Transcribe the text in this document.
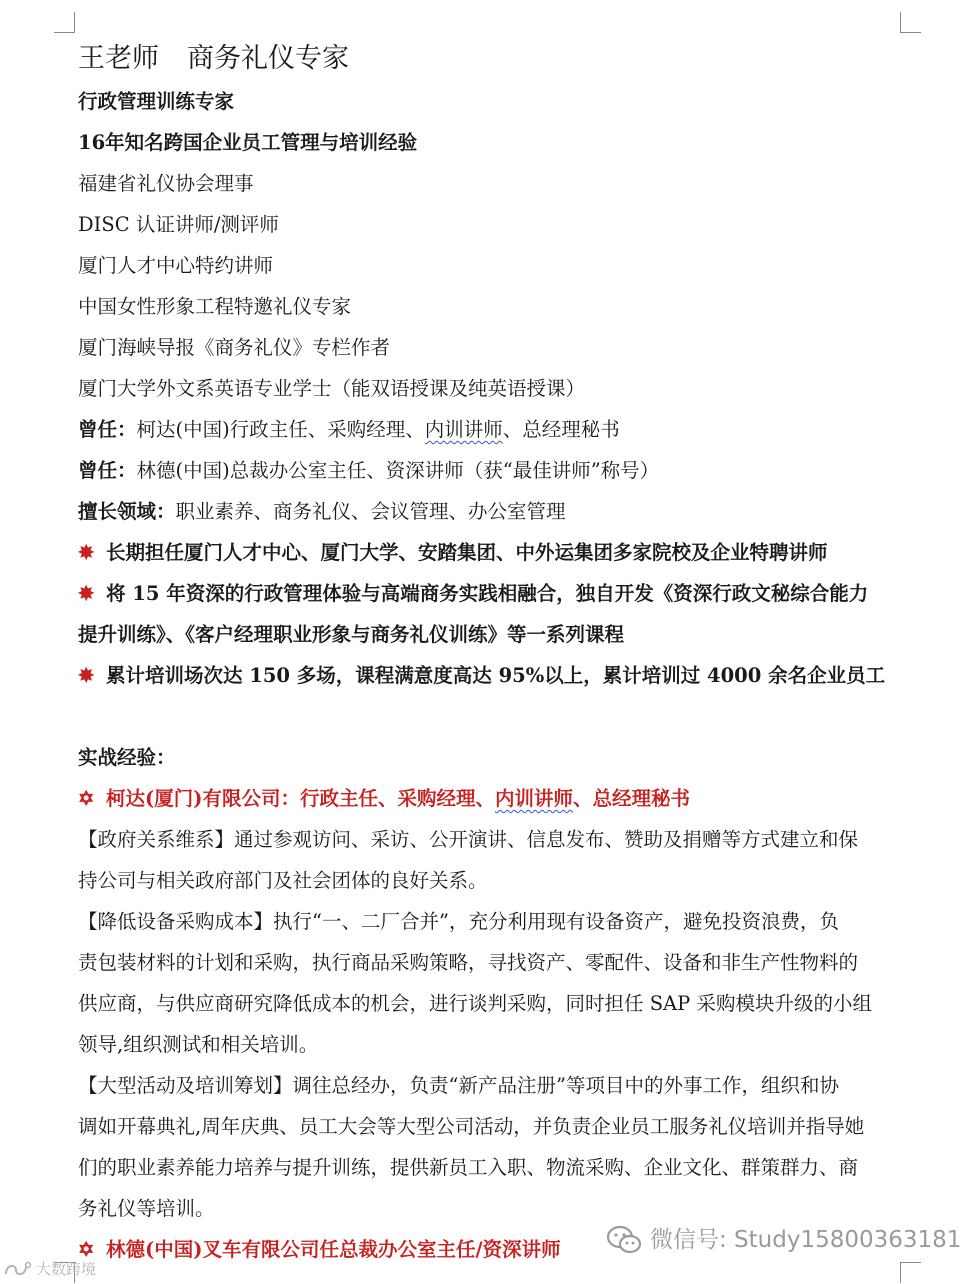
王老师 商务礼仪专家
行政管理训练专家
16年知名跨国企业员工管理与培训经验
福建省礼仪协会理事
DISC 认证讲师/测评师
厦门人才中心特约讲师
中国女性形象工程特邀礼仪专家
厦门海峡导报《商务礼仪》专栏作者
厦门大学外文系英语专业学士（能双语授课及纯英语授课）
曾任：柯达(中国)行政主任、采购经理、内训讲师、总经理秘书
曾任：林德(中国)总裁办公室主任、资深讲师（获“最佳讲师”称号）
擅长领域：职业素养、商务礼仪、会议管理、办公室管理
✸ 长期担任厦门人才中心、厦门大学、安踏集团、中外运集团多家院校及企业特聘讲师
✸ 将 15 年资深的行政管理体验与高端商务实践相融合，独自开发《资深行政文秘综合能力
提升训练》、《客户经理职业形象与商务礼仪训练》等一系列课程
✸ 累计培训场次达 150 多场，课程满意度高达 95%以上，累计培训过 4000 余名企业员工
实战经验：
✡ 柯达(厦门)有限公司：行政主任、采购经理、内训讲师、总经理秘书
【政府关系维系】通过参观访问、采访、公开演讲、信息发布、赞助及捐赠等方式建立和保
持公司与相关政府部门及社会团体的良好关系。
【降低设备采购成本】执行“一、二厂合并”，充分利用现有设备资产，避免投资浪费，负
责包装材料的计划和采购，执行商品采购策略，寻找资产、零配件、设备和非生产性物料的
供应商，与供应商研究降低成本的机会，进行谈判采购，同时担任 SAP 采购模块升级的小组
领导,组织测试和相关培训。
【大型活动及培训筹划】调往总经办，负责“新产品注册”等项目中的外事工作，组织和协
调如开幕典礼,周年庆典、员工大会等大型公司活动，并负责企业员工服务礼仪培训并指导她
们的职业素养能力培养与提升训练，提供新员工入职、物流采购、企业文化、群策群力、商
务礼仪等培训。
✡ 林德(中国)叉车有限公司任总裁办公室主任/资深讲师	微信号: Study15800363181
大数跨境
